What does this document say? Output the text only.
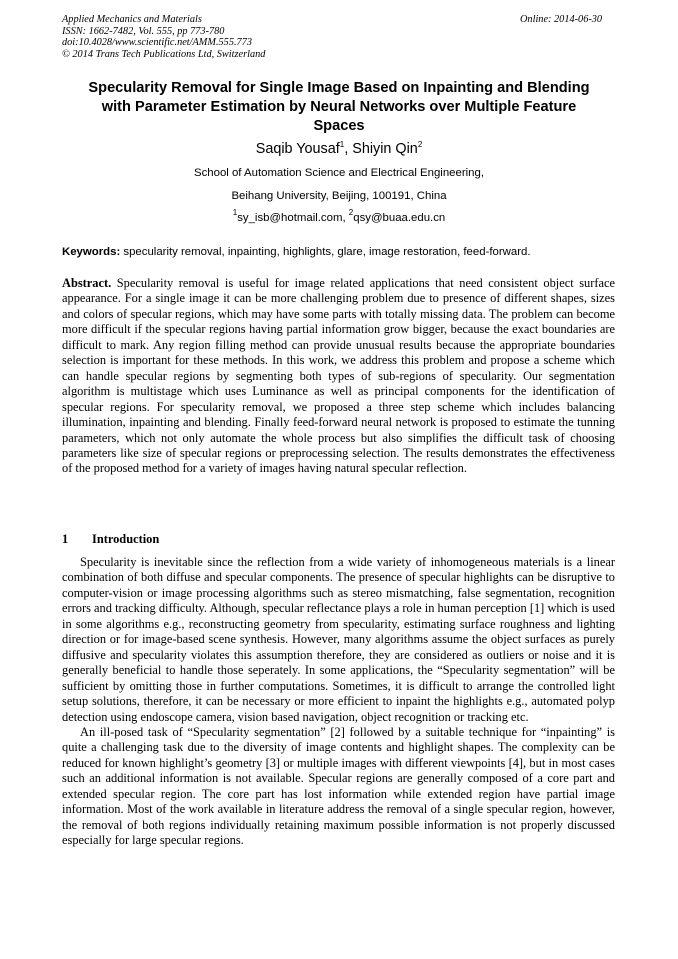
Applied Mechanics and Materials
ISSN: 1662-7482, Vol. 555, pp 773-780
doi:10.4028/www.scientific.net/AMM.555.773
© 2014 Trans Tech Publications Ltd, Switzerland
Online: 2014-06-30
Specularity Removal for Single Image Based on Inpainting and Blending
with Parameter Estimation by Neural Networks over Multiple Feature
Spaces
Saqib Yousaf$^1$, Shiyin Qin$^2$
School of Automation Science and Electrical Engineering,
Beihang University, Beijing, 100191, China
$^1$sy_isb@hotmail.com, $^2$qsy@buaa.edu.cn
Keywords: specularity removal, inpainting, highlights, glare, image restoration, feed-forward.

Abstract. Specularity removal is useful for image related applications that need consistent object surface appearance. For a single image it can be more challenging problem due to presence of different shapes, sizes and colors of specular regions, which may have some parts with totally missing data. The problem can become more difficult if the specular regions having partial information grow bigger, because the exact boundaries are difficult to mark. Any region filling method can provide unusual results because the appropriate boundaries selection is important for these methods. In this work, we address this problem and propose a scheme which can handle specular regions by segmenting both types of sub-regions of specularity. Our segmentation algorithm is multistage which uses Luminance as well as principal components for the identification of specular regions. For specularity removal, we proposed a three step scheme which includes balancing illumination, inpainting and blending. Finally feed-forward neural network is proposed to estimate the tunning parameters, which not only automate the whole process but also simplifies the difficult task of choosing parameters like size of specular regions or preprocessing selection. The results demonstrates the effectiveness of the proposed method for a variety of images having natural specular reflection.

1 Introduction

Specularity is inevitable since the reflection from a wide variety of inhomogeneous materials is a linear combination of both diffuse and specular components. The presence of specular highlights can be disruptive to computer-vision or image processing algorithms such as stereo mismatching, false segmentation, recognition errors and tracking difficulty. Although, specular reflectance plays a role in human perception [1] which is used in some algorithms e.g., reconstructing geometry from specularity, estimating surface roughness and lighting direction or for image-based scene synthesis. However, many algorithms assume the object surfaces as purely diffusive and specularity violates this assumption therefore, they are considered as outliers or noise and it is generally beneficial to handle those seperately. In some applications, the “Specularity segmentation” will be sufficient by omitting those in further computations. Sometimes, it is difficult to arrange the controlled light setup solutions, therefore, it can be necessary or more efficient to inpaint the highlights e.g., automated polyp detection using endoscope camera, vision based navigation, object recognition or tracking etc.

An ill-posed task of “Specularity segmentation” [2] followed by a suitable technique for “inpainting” is quite a challenging task due to the diversity of image contents and highlight shapes. The complexity can be reduced for known highlight’s geometry [3] or multiple images with different viewpoints [4], but in most cases such an additional information is not available. Specular regions are generally composed of a core part and extended specular region. The core part has lost information while extended region have partial image information. Most of the work available in literature address the removal of a single specular region, however, the removal of both regions individually retaining maximum possible information is not properly discussed especially for large specular regions.
